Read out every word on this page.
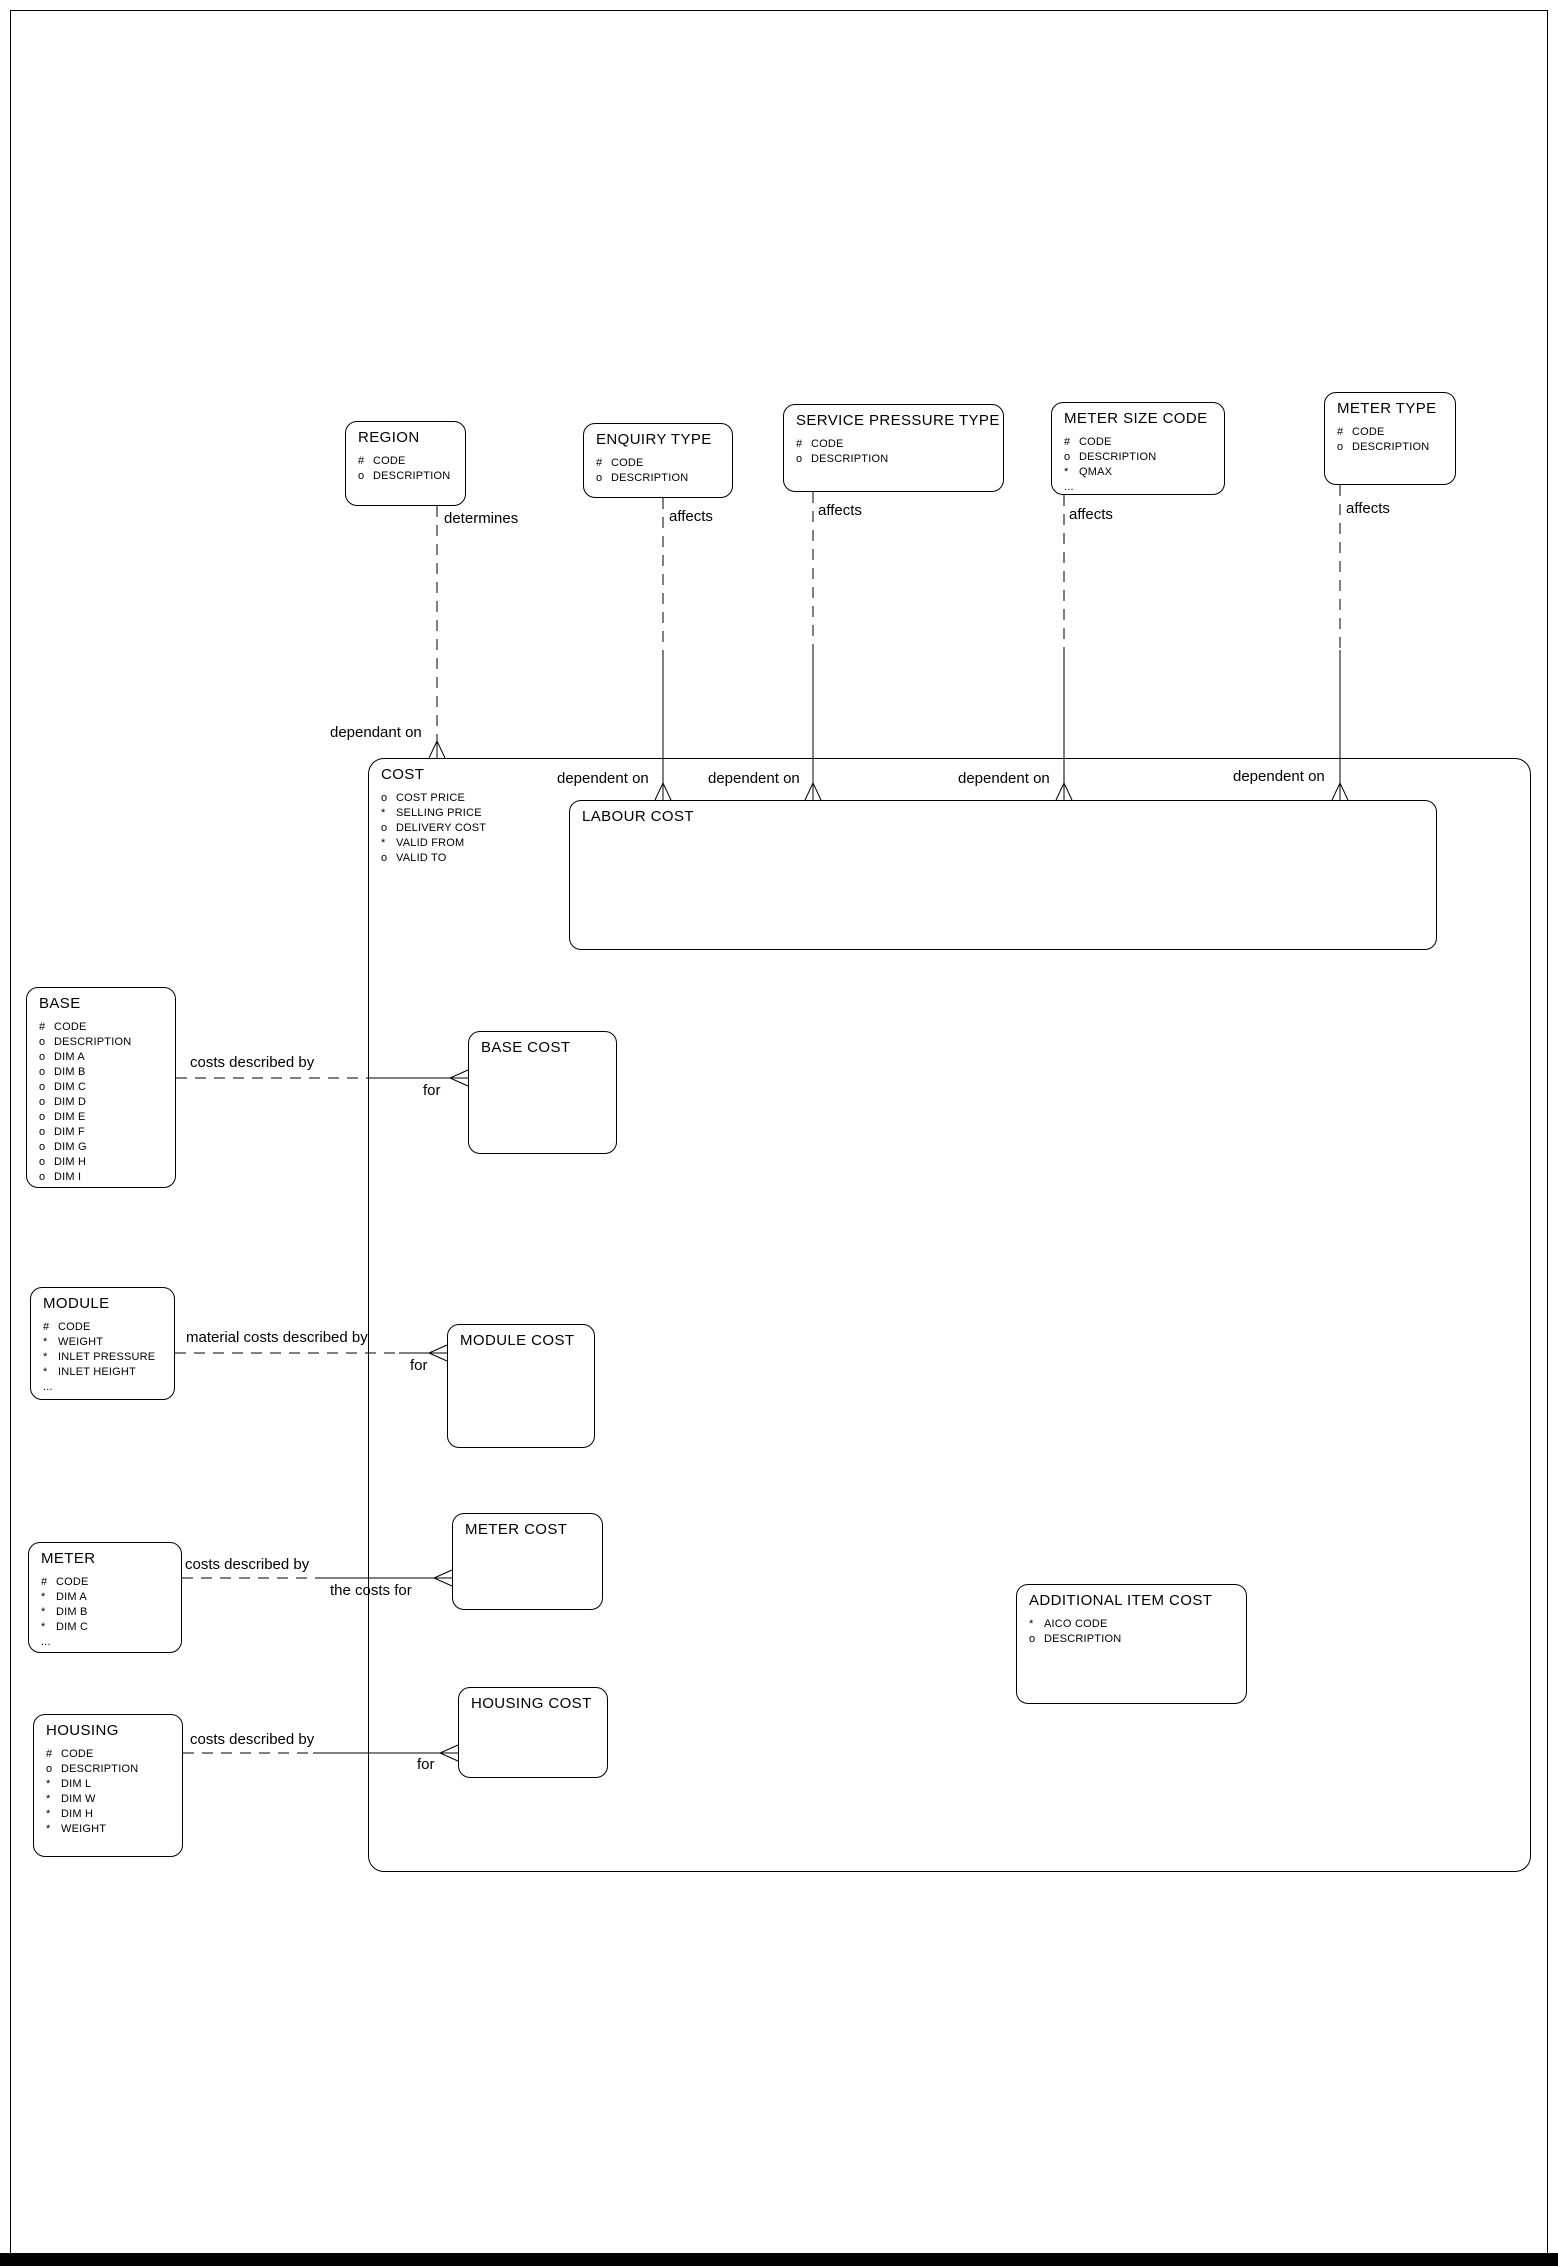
COST
o COST PRICE
* SELLING PRICE
o DELIVERY COST
* VALID FROM
o VALID TO
REGION
# CODE
o DESCRIPTION
ENQUIRY TYPE
# CODE
o DESCRIPTION
SERVICE PRESSURE TYPE
# CODE
o DESCRIPTION
METER SIZE CODE
# CODE
o DESCRIPTION
* QMAX
...
METER TYPE
# CODE
o DESCRIPTION
LABOUR COST
BASE COST
MODULE COST
METER COST
ADDITIONAL ITEM COST
* AICO CODE
o DESCRIPTION
HOUSING COST
BASE
# CODE
o DESCRIPTION
o DIM A
o DIM B
o DIM C
o DIM D
o DIM E
o DIM F
o DIM G
o DIM H
o DIM I
MODULE
# CODE
* WEIGHT
* INLET PRESSURE
* INLET HEIGHT
...
METER
# CODE
* DIM A
* DIM B
* DIM C
...
HOUSING
# CODE
o DESCRIPTION
* DIM L
* DIM W
* DIM H
* WEIGHT
determines
dependant on
affects	affects	affects	affects
dependent on	dependent on	dependent on	dependent on
costs described by
for
material costs described by
for
costs described by
the costs for
costs described by
for
